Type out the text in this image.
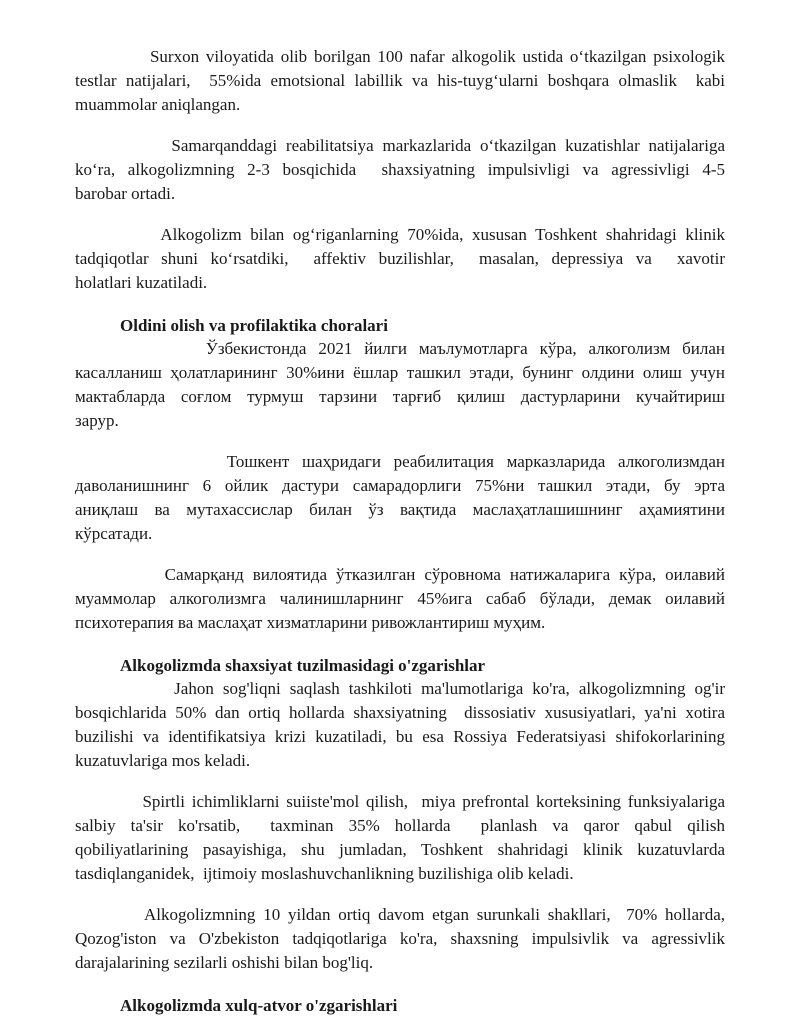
Surxon viloyatida olib borilgan 100 nafar alkogolik ustida oʻtkazilgan psixologik
testlar natijalari,  55%ida emotsional labillik va his-tuygʻularni boshqara olmaslik  kabi
muammolar aniqlangan.

Samarqanddagi reabilitatsiya markazlarida oʻtkazilgan kuzatishlar natijalariga
koʻra, alkogolizmning 2-3 bosqichida  shaxsiyatning impulsivligi va agressivligi 4-5
barobar ortadi.

Alkogolizm bilan ogʻriganlarning 70%ida, xususan Toshkent shahridagi klinik
tadqiqotlar shuni koʻrsatdiki,  affektiv buzilishlar,  masalan, depressiya va  xavotir
holatlari kuzatiladi.

Oldini olish va profilaktika choralari

Ўзбекистонда 2021 йилги маълумотларга кўра, алкоголизм билан
касалланиш ҳолатларининг 30%ини ёшлар ташкил этади, бунинг олдини олиш учун
мактабларда соғлом турмуш тарзини тарғиб қилиш дастурларини кучайтириш
зарур.

Тошкент шаҳридаги реабилитация марказларида алкоголизмдан
даволанишнинг 6 ойлик дастури самарадорлиги 75%ни ташкил этади, бу эрта
аниқлаш ва мутахассислар билан ўз вақтида маслаҳатлашишнинг аҳамиятини
кўрсатади.

Самарқанд вилоятида ўтказилган сўровнома натижаларига кўра, оилавий
муаммолар алкоголизмга чалинишларнинг 45%ига сабаб бўлади, демак оилавий
психотерапия ва маслаҳат хизматларини ривожлантириш муҳим.

Alkogolizmda shaxsiyat tuzilmasidagi o'zgarishlar

Jahon sog'liqni saqlash tashkiloti ma'lumotlariga ko'ra, alkogolizmning og'ir
bosqichlarida 50% dan ortiq hollarda shaxsiyatning  dissosiativ xususiyatlari, ya'ni xotira
buzilishi va identifikatsiya krizi kuzatiladi, bu esa Rossiya Federatsiyasi shifokorlarining
kuzatuvlariga mos keladi.

Spirtli ichimliklarni suiiste'mol qilish,  miya prefrontal korteksining funksiyalariga
salbiy ta'sir ko'rsatib,  taxminan 35% hollarda  planlash va qaror qabul qilish
qobiliyatlarining pasayishiga, shu jumladan, Toshkent shahridagi klinik kuzatuvlarda
tasdiqlanganidek,  ijtimoiy moslashuvchanlikning buzilishiga olib keladi.

Alkogolizmning 10 yildan ortiq davom etgan surunkali shakllari,  70% hollarda,
Qozog'iston va O'zbekiston tadqiqotlariga ko'ra, shaxsning impulsivlik va agressivlik
darajalarining sezilarli oshishi bilan bog'liq.

Alkogolizmda xulq-atvor o'zgarishlari
